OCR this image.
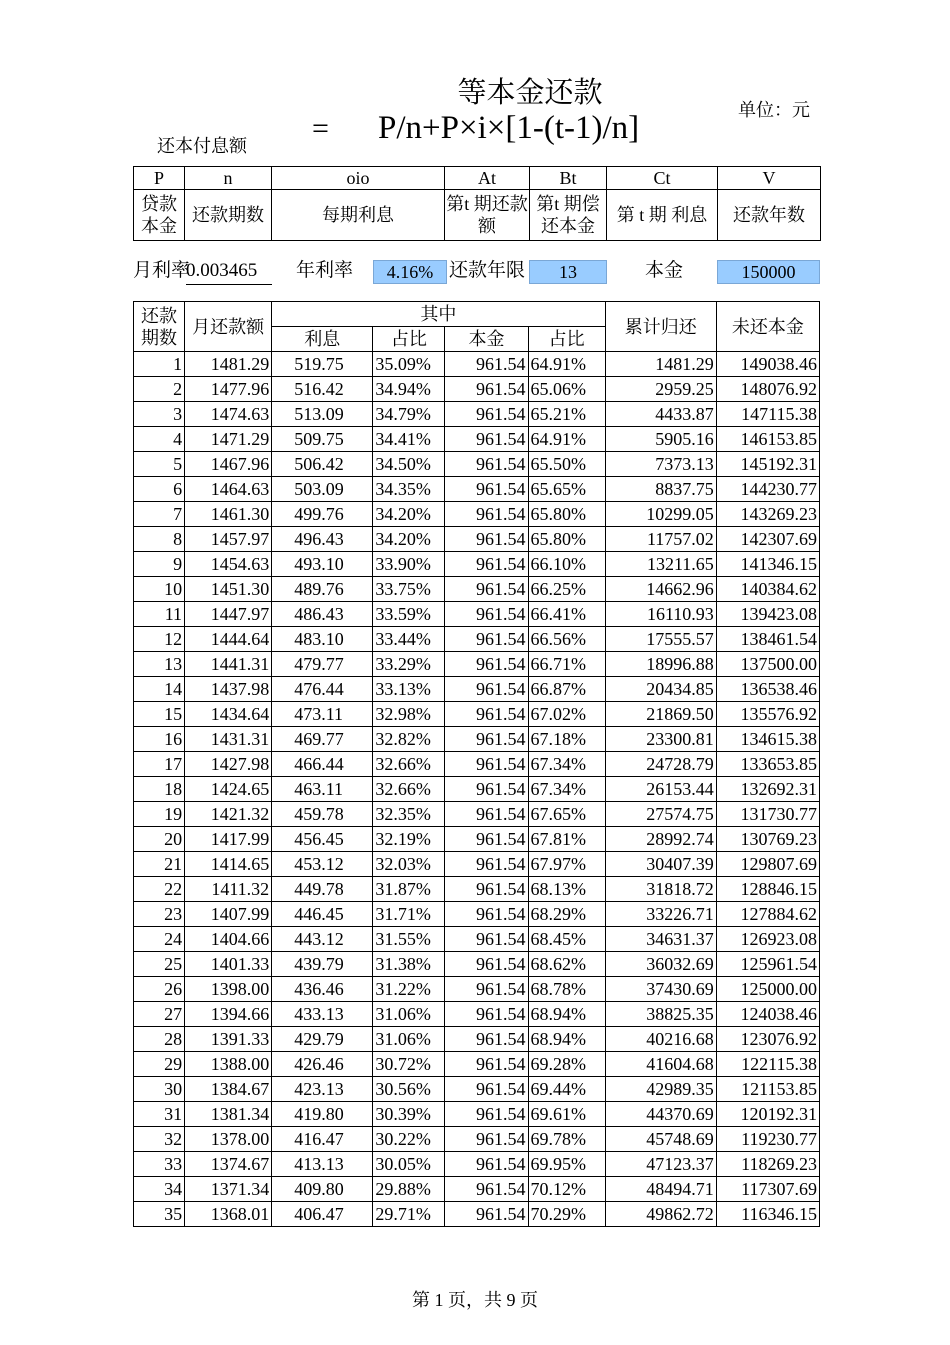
等本金还款
单位：元
还本付息额
= P/n+P×i×[1-(t-1)/n]
P	n	oio	At	Bt	Ct	V
贷款本金	还款期数	每期利息	第t 期还款额	第t 期偿还本金	第 t 期 利息	还款年数
月利率
0.003465	年利率	4.16% 还款年限	13	本金	150000
还款期数	月还款额	其中				累计归还	未还本金
		利息	占比	本金	占比		
1	1481.29	519.75	35.09%	961.54	64.91%	1481.29	149038.46
2	1477.96	516.42	34.94%	961.54	65.06%	2959.25	148076.92
3	1474.63	513.09	34.79%	961.54	65.21%	4433.87	147115.38
4	1471.29	509.75	34.41%	961.54	64.91%	5905.16	146153.85
5	1467.96	506.42	34.50%	961.54	65.50%	7373.13	145192.31
6	1464.63	503.09	34.35%	961.54	65.65%	8837.75	144230.77
7	1461.30	499.76	34.20%	961.54	65.80%	10299.05	143269.23
8	1457.97	496.43	34.20%	961.54	65.80%	11757.02	142307.69
9	1454.63	493.10	33.90%	961.54	66.10%	13211.65	141346.15
10	1451.30	489.76	33.75%	961.54	66.25%	14662.96	140384.62
11	1447.97	486.43	33.59%	961.54	66.41%	16110.93	139423.08
12	1444.64	483.10	33.44%	961.54	66.56%	17555.57	138461.54
13	1441.31	479.77	33.29%	961.54	66.71%	18996.88	137500.00
14	1437.98	476.44	33.13%	961.54	66.87%	20434.85	136538.46
15	1434.64	473.11	32.98%	961.54	67.02%	21869.50	135576.92
16	1431.31	469.77	32.82%	961.54	67.18%	23300.81	134615.38
17	1427.98	466.44	32.66%	961.54	67.34%	24728.79	133653.85
18	1424.65	463.11	32.66%	961.54	67.34%	26153.44	132692.31
19	1421.32	459.78	32.35%	961.54	67.65%	27574.75	131730.77
20	1417.99	456.45	32.19%	961.54	67.81%	28992.74	130769.23
21	1414.65	453.12	32.03%	961.54	67.97%	30407.39	129807.69
22	1411.32	449.78	31.87%	961.54	68.13%	31818.72	128846.15
23	1407.99	446.45	31.71%	961.54	68.29%	33226.71	127884.62
24	1404.66	443.12	31.55%	961.54	68.45%	34631.37	126923.08
25	1401.33	439.79	31.38%	961.54	68.62%	36032.69	125961.54
26	1398.00	436.46	31.22%	961.54	68.78%	37430.69	125000.00
27	1394.66	433.13	31.06%	961.54	68.94%	38825.35	124038.46
28	1391.33	429.79	31.06%	961.54	68.94%	40216.68	123076.92
29	1388.00	426.46	30.72%	961.54	69.28%	41604.68	122115.38
30	1384.67	423.13	30.56%	961.54	69.44%	42989.35	121153.85
31	1381.34	419.80	30.39%	961.54	69.61%	44370.69	120192.31
32	1378.00	416.47	30.22%	961.54	69.78%	45748.69	119230.77
33	1374.67	413.13	30.05%	961.54	69.95%	47123.37	118269.23
34	1371.34	409.80	29.88%	961.54	70.12%	48494.71	117307.69
35	1368.01	406.47	29.71%	961.54	70.29%	49862.72	116346.15
第 1 页，共 9 页
